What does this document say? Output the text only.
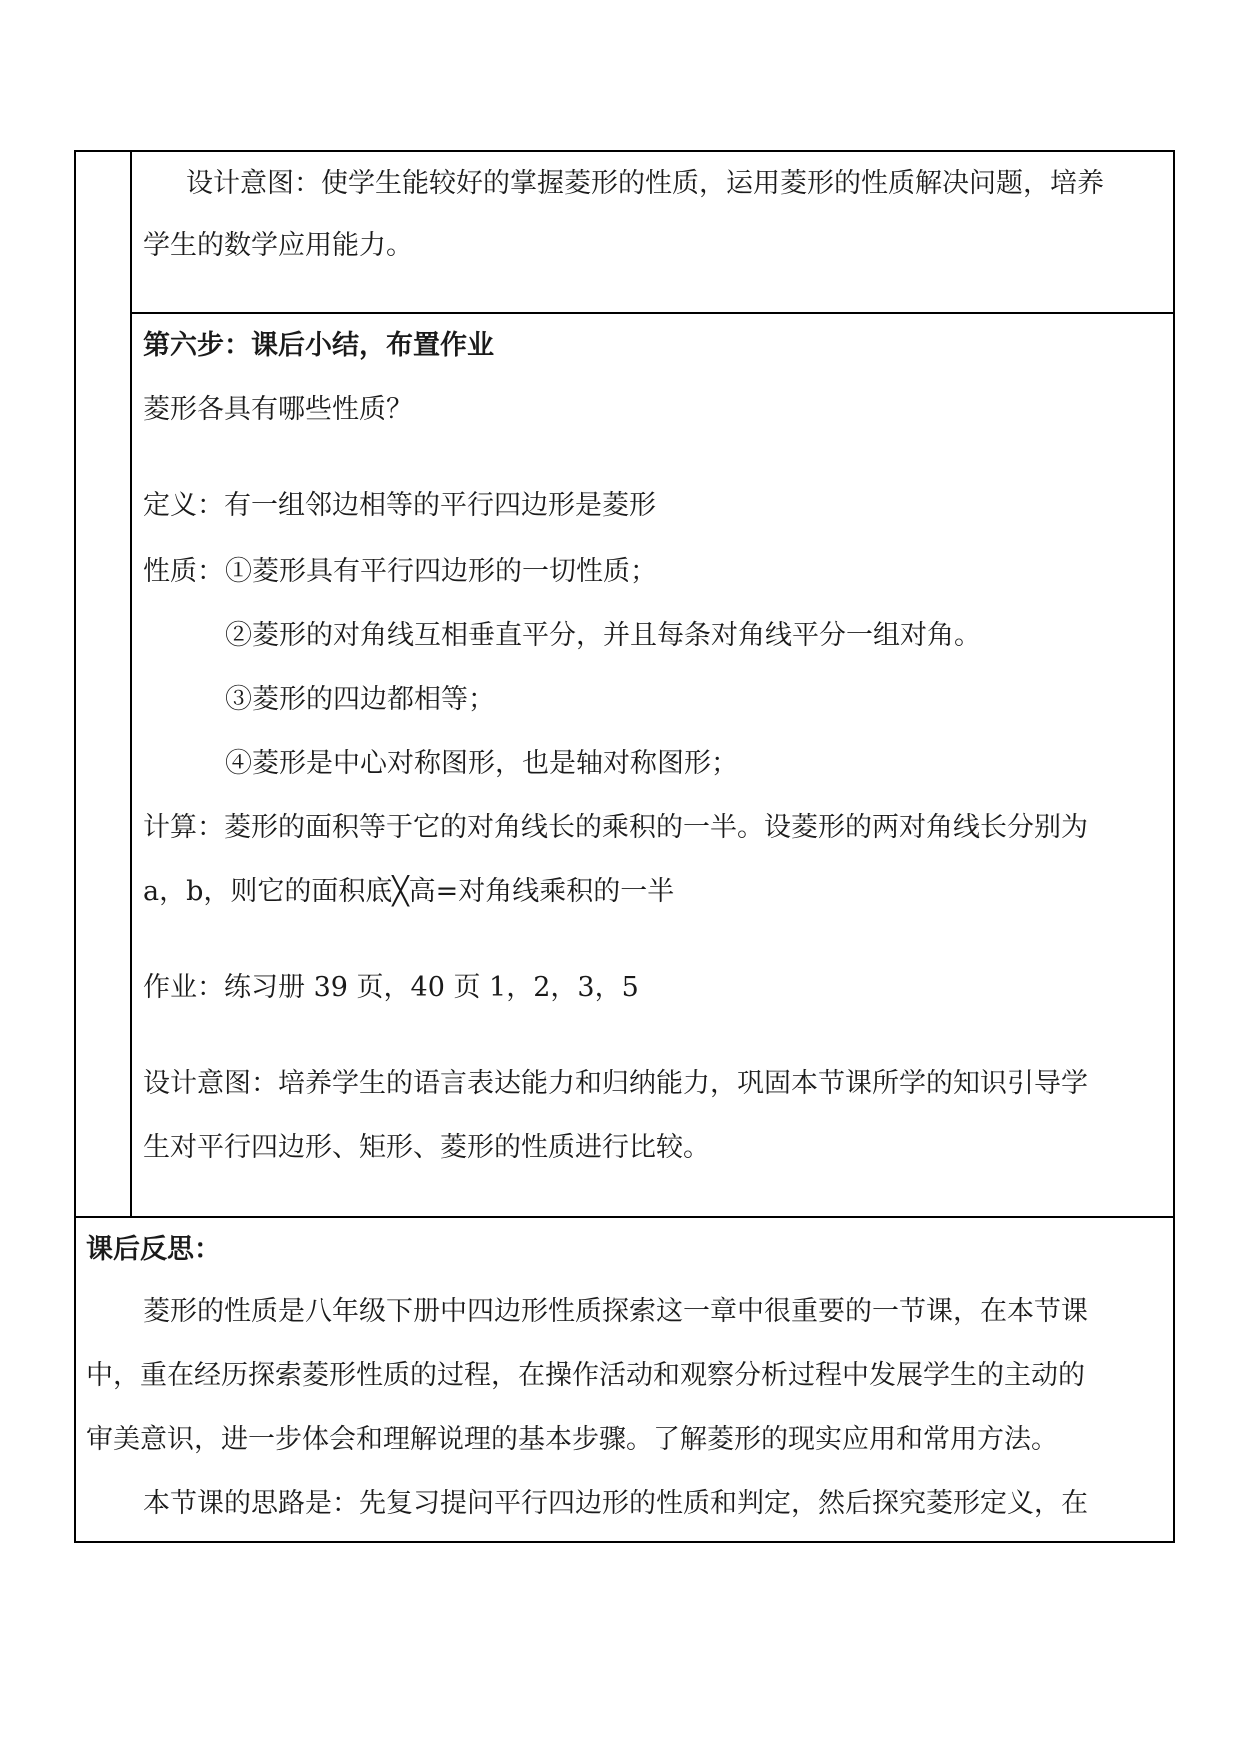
设计意图：使学生能较好的掌握菱形的性质，运用菱形的性质解决问题，培养
学生的数学应用能力。
第六步：课后小结，布置作业
菱形各具有哪些性质？
定义：有一组邻边相等的平行四边形是菱形
性质： ①菱形具有平行四边形的一切性质；
②菱形的对角线互相垂直平分，并且每条对角线平分一组对角。
③菱形的四边都相等；
④菱形是中心对称图形，也是轴对称图形；
计算：菱形的面积等于它的对角线长的乘积的一半。设菱形的两对角线长分别为
a，b，则它的面积底╳高=对角线乘积的一半
作业：练习册 39 页，40 页 1，2，3，5
设计意图：培养学生的语言表达能力和归纳能力，巩固本节课所学的知识引导学
生对平行四边形、矩形、菱形的性质进行比较。
课后反思：
菱形的性质是八年级下册中四边形性质探索这一章中很重要的一节课，在本节课
中，重在经历探索菱形性质的过程，在操作活动和观察分析过程中发展学生的主动的
审美意识，进一步体会和理解说理的基本步骤。了解菱形的现实应用和常用方法。
本节课的思路是：先复习提问平行四边形的性质和判定，然后探究菱形定义，在
